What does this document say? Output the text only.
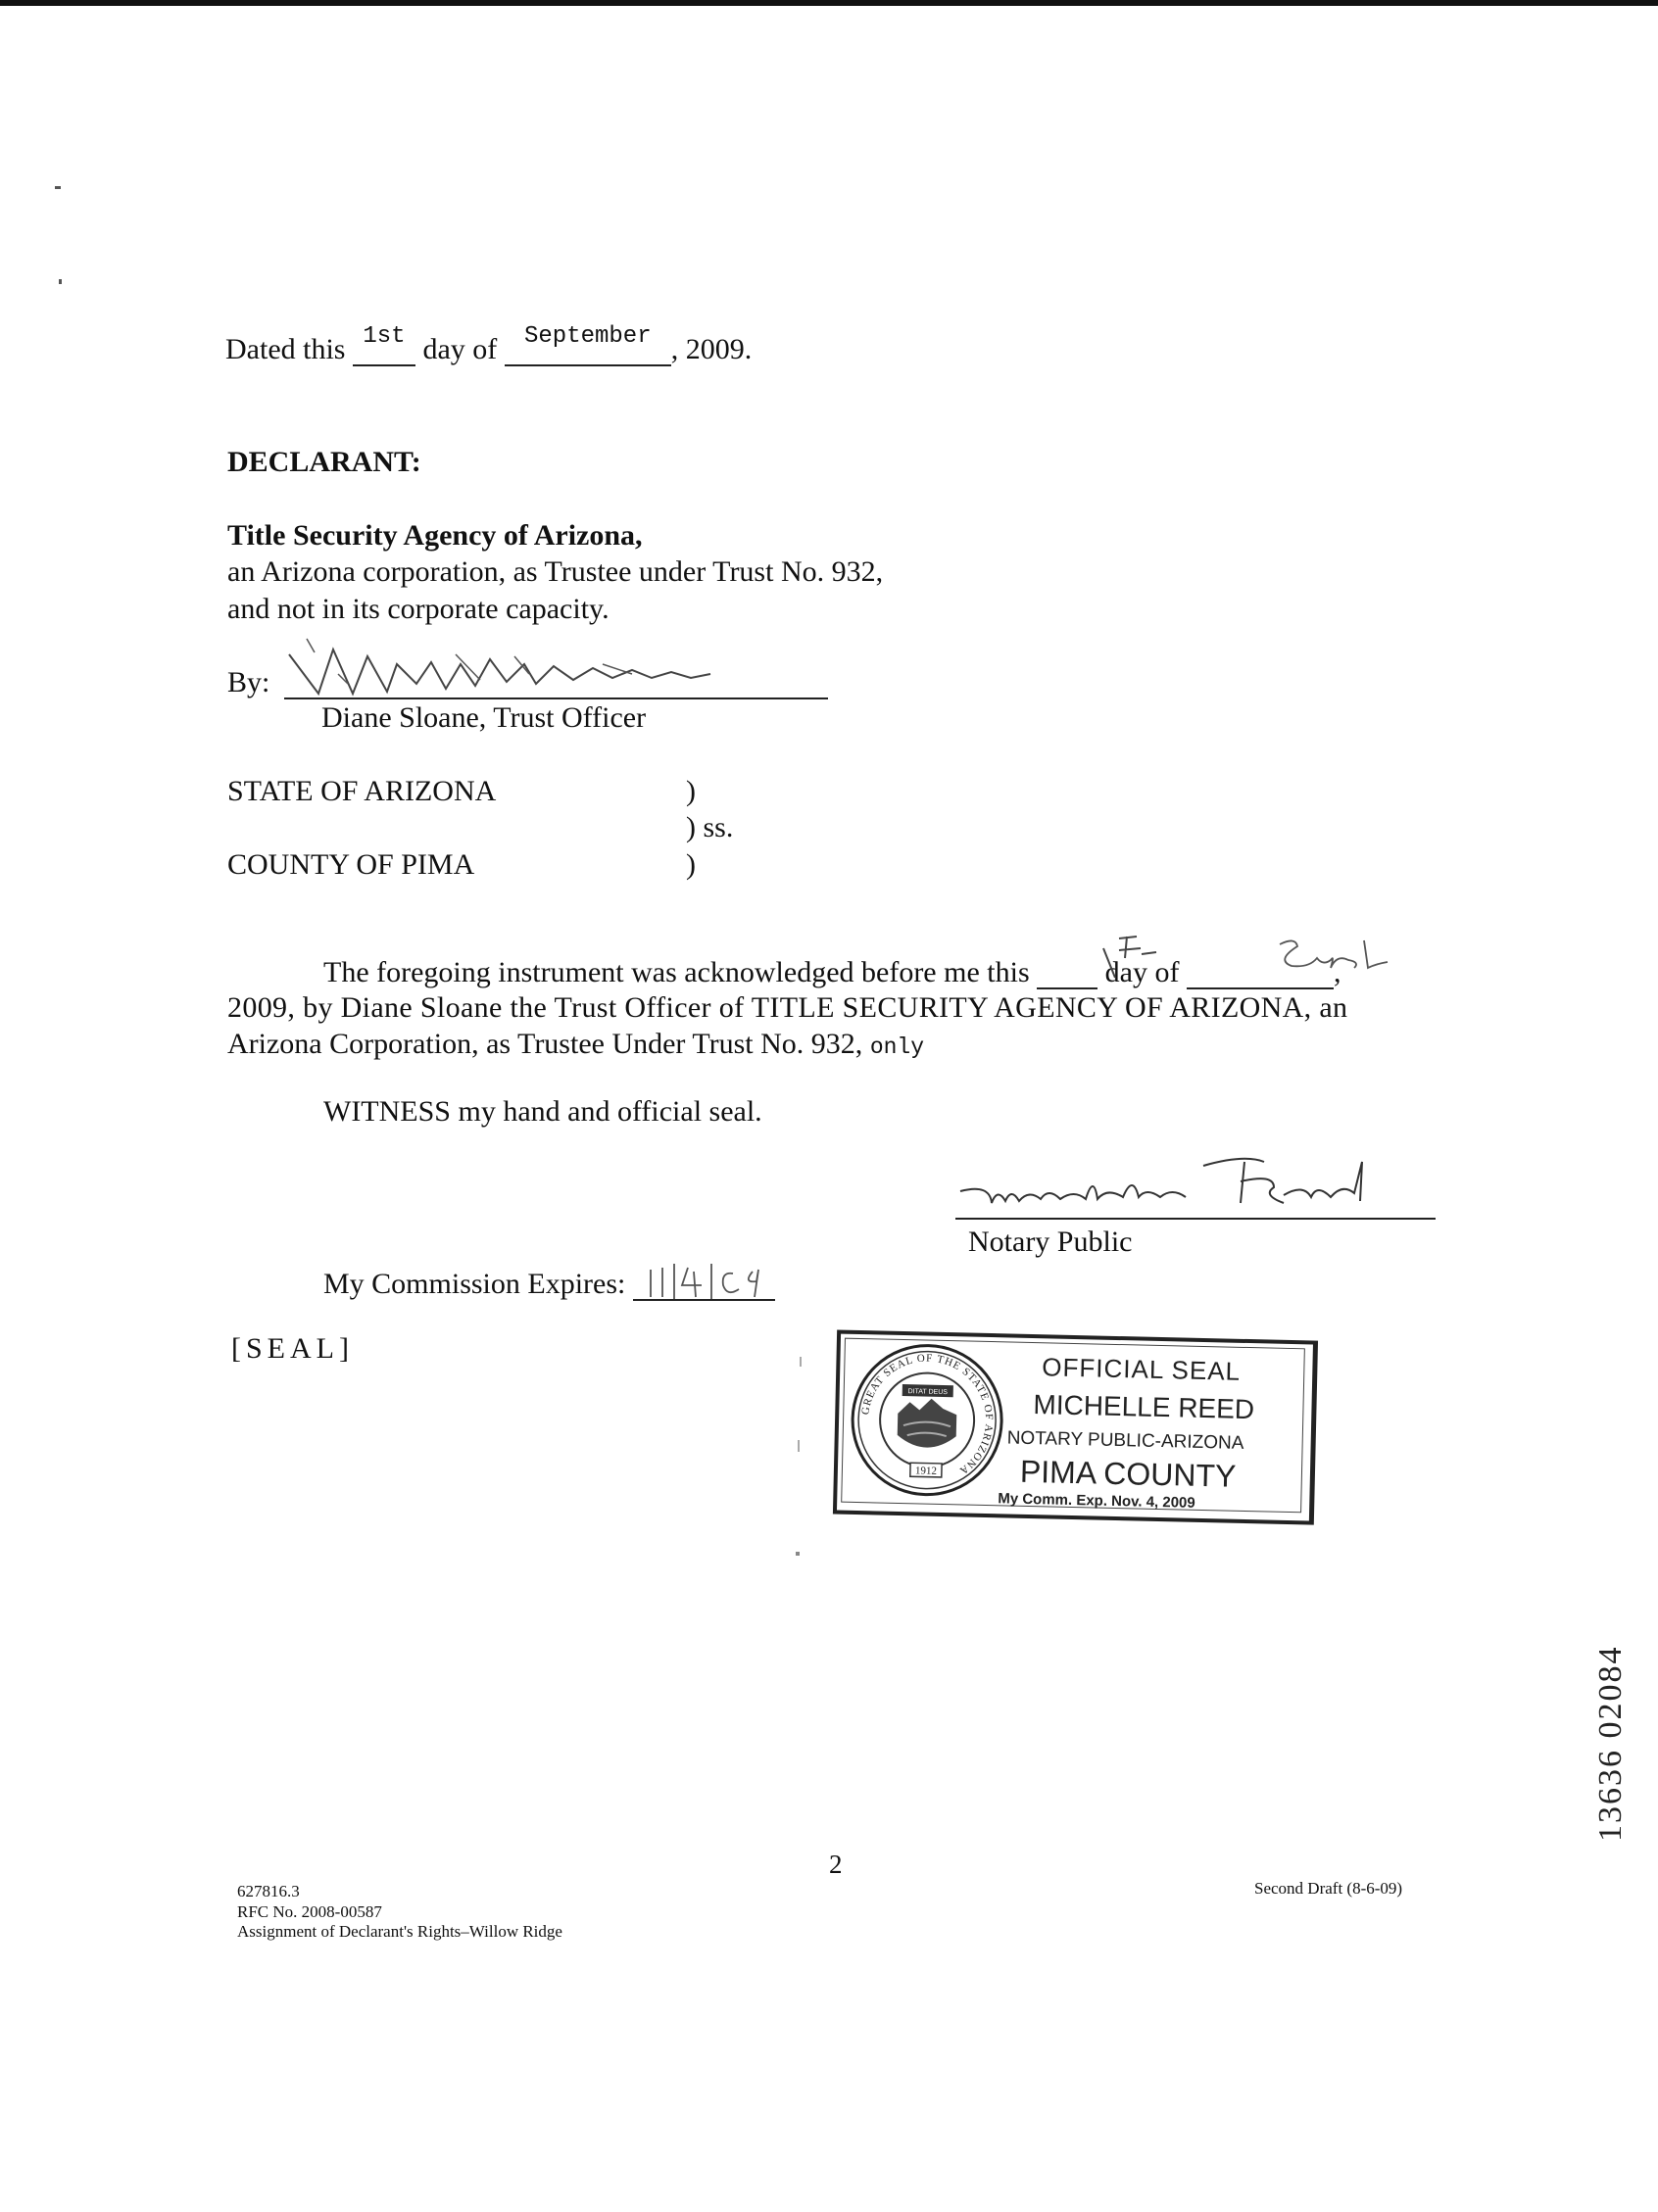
Dated this 1st day of	September , 2009.
DECLARANT:
Title Security Agency of Arizona,
an Arizona corporation, as Trustee under Trust No. 932,
and not in its corporate capacity.
By:
Diane Sloane, Trust Officer
STATE OF ARIZONA	)
) ss.
COUNTY OF PIMA	)
The foregoing instrument was acknowledged before me this	day of	,
2009, by Diane Sloane the Trust Officer of TITLE SECURITY AGENCY OF ARIZONA, an
Arizona Corporation, as Trustee Under Trust No. 932, only
WITNESS my hand and official seal.
Notary Public
My Commission Expires:
[SEAL]
GREAT SEAL OF THE STATE OF ARIZONA
DITAT DEUS
1912
OFFICIAL SEAL
MICHELLE REED
NOTARY PUBLIC-ARIZONA
PIMA COUNTY
My Comm. Exp. Nov. 4, 2009
13636 02084
2
627816.3
RFC No. 2008-00587
Assignment of Declarant's Rights–Willow Ridge
Second Draft (8-6-09)
